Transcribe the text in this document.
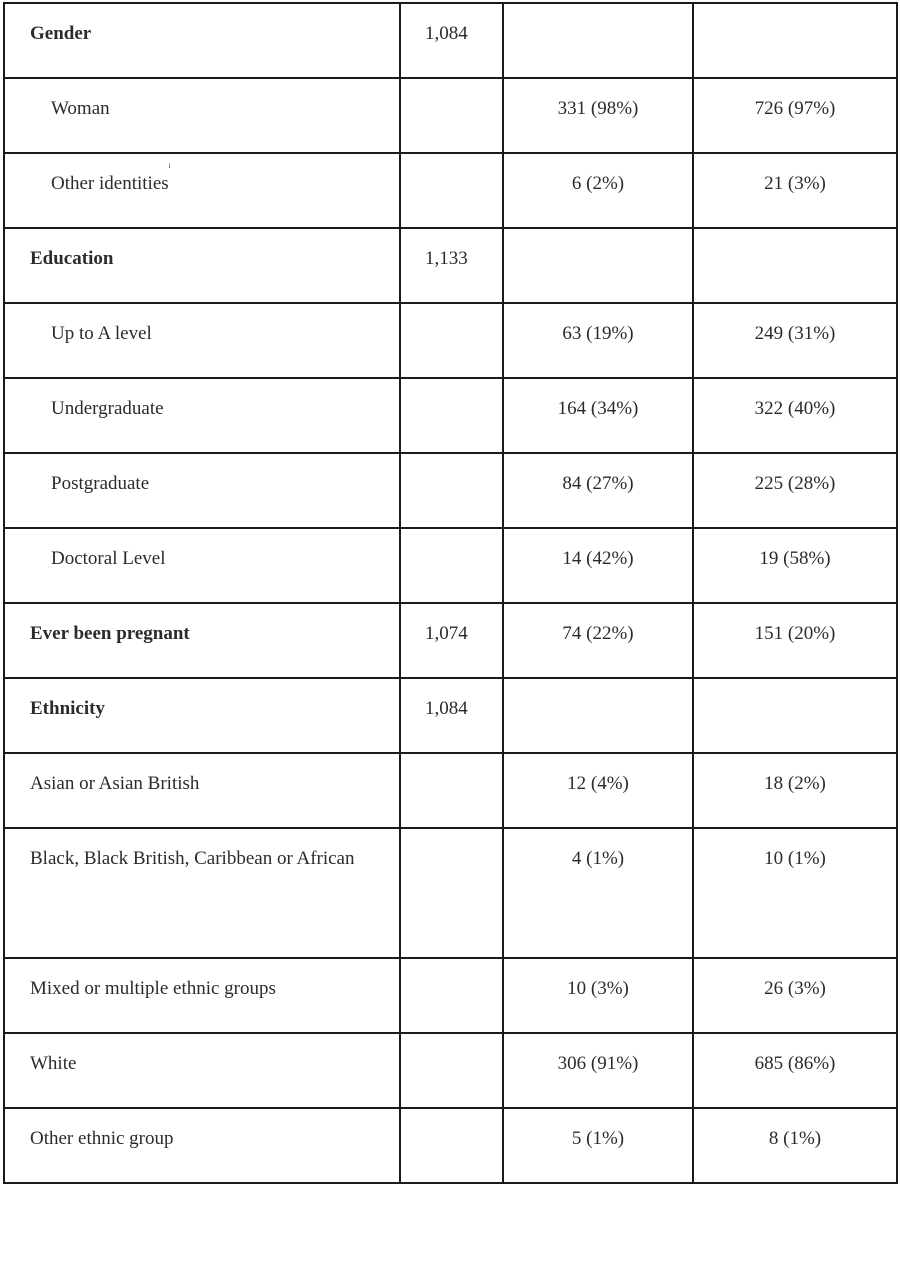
Gender	1,084		
Woman		331 (98%)	726 (97%)
Other identities$^i$		6 (2%)	21 (3%)
Education	1,133		
Up to A level		63 (19%)	249 (31%)
Undergraduate		164 (34%)	322 (40%)
Postgraduate		84 (27%)	225 (28%)
Doctoral Level		14 (42%)	19 (58%)
Ever been pregnant	1,074	74 (22%)	151 (20%)
Ethnicity	1,084		
Asian or Asian British		12 (4%)	18 (2%)
Black, Black British, Caribbean or African		4 (1%)	10 (1%)
Mixed or multiple ethnic groups		10 (3%)	26 (3%)
White		306 (91%)	685 (86%)
Other ethnic group		5 (1%)	8 (1%)
